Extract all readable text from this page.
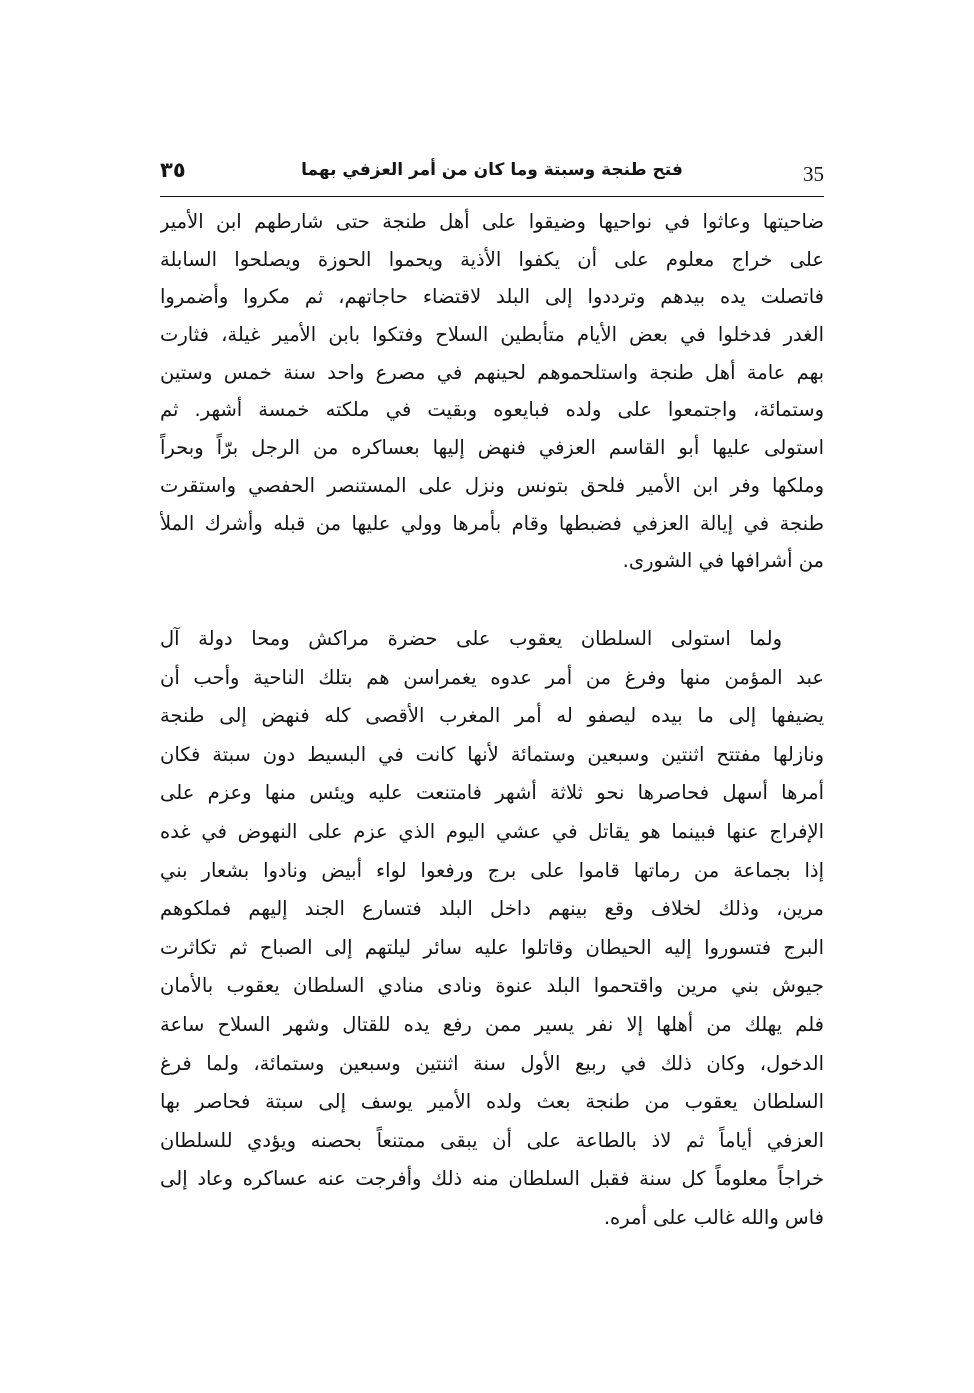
35
فتح طنجة وسبتة وما كان من أمر العزفي بهما
٣٥
ضاحيتها وعاثوا في نواحيها وضيقوا على أهل طنجة حتى شارطهم ابن الأمير
على خراج معلوم على أن يكفوا الأذية ويحموا الحوزة ويصلحوا السابلة
فاتصلت يده بيدهم وترددوا إلى البلد لاقتضاء حاجاتهم، ثم مكروا وأضمروا
الغدر فدخلوا في بعض الأيام متأبطين السلاح وفتكوا بابن الأمير غيلة، فثارت
بهم عامة أهل طنجة واستلحموهم لحينهم في مصرع واحد سنة خمس وستين
وستمائة، واجتمعوا على ولده فبايعوه وبقيت في ملكته خمسة أشهر. ثم
استولى عليها أبو القاسم العزفي فنهض إليها بعساكره من الرجل برّاً وبحراً
وملكها وفر ابن الأمير فلحق بتونس ونزل على المستنصر الحفصي واستقرت
طنجة في إيالة العزفي فضبطها وقام بأمرها وولي عليها من قبله وأشرك الملأ
من أشرافها في الشورى.
ولما استولى السلطان يعقوب على حضرة مراكش ومحا دولة آل
عبد المؤمن منها وفرغ من أمر عدوه يغمراسن هم بتلك الناحية وأحب أن
يضيفها إلى ما بيده ليصفو له أمر المغرب الأقصى كله فنهض إلى طنجة
ونازلها مفتتح اثنتين وسبعين وستمائة لأنها كانت في البسيط دون سبتة فكان
أمرها أسهل فحاصرها نحو ثلاثة أشهر فامتنعت عليه ويئس منها وعزم على
الإفراج عنها فبينما هو يقاتل في عشي اليوم الذي عزم على النهوض في غده
إذا بجماعة من رماتها قاموا على برج ورفعوا لواء أبيض ونادوا بشعار بني
مرين، وذلك لخلاف وقع بينهم داخل البلد فتسارع الجند إليهم فملكوهم
البرج فتسوروا إليه الحيطان وقاتلوا عليه سائر ليلتهم إلى الصباح ثم تكاثرت
جيوش بني مرين واقتحموا البلد عنوة ونادى منادي السلطان يعقوب بالأمان
فلم يهلك من أهلها إلا نفر يسير ممن رفع يده للقتال وشهر السلاح ساعة
الدخول، وكان ذلك في ربيع الأول سنة اثنتين وسبعين وستمائة، ولما فرغ
السلطان يعقوب من طنجة بعث ولده الأمير يوسف إلى سبتة فحاصر بها
العزفي أياماً ثم لاذ بالطاعة على أن يبقى ممتنعاً بحصنه ويؤدي للسلطان
خراجاً معلوماً كل سنة فقبل السلطان منه ذلك وأفرجت عنه عساكره وعاد إلى
فاس والله غالب على أمره.
